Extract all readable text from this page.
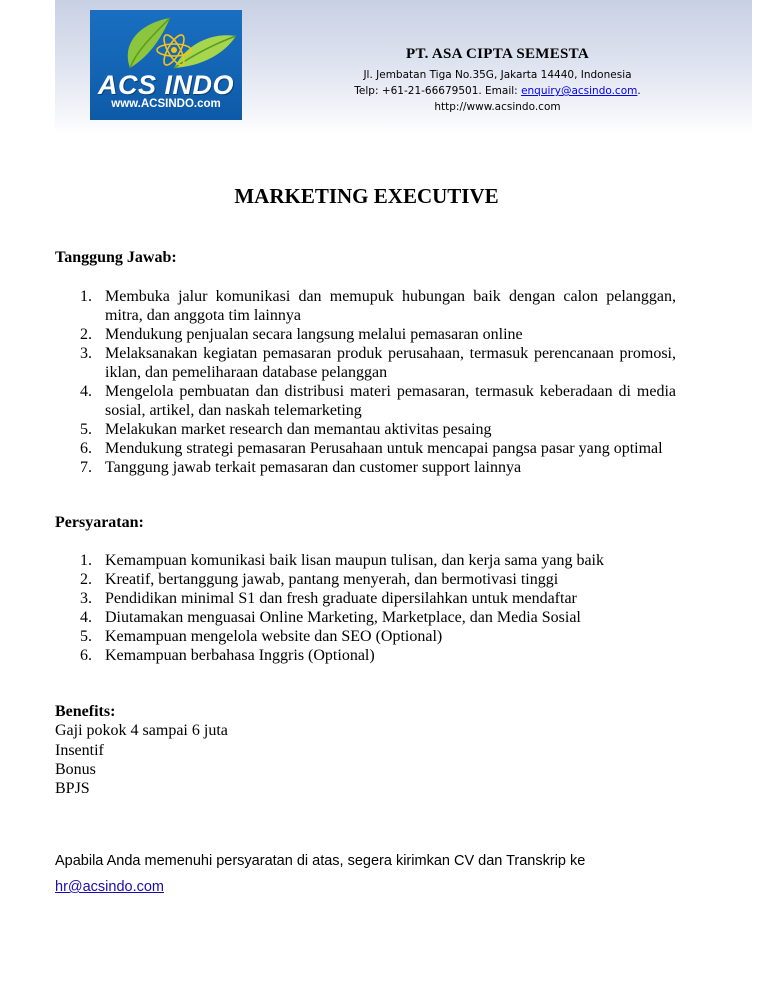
ACS INDO
www.ACSINDO.com
PT. ASA CIPTA SEMESTA
Jl. Jembatan Tiga No.35G, Jakarta 14440, Indonesia
Telp: +61-21-66679501. Email: enquiry@acsindo.com.
http://www.acsindo.com
MARKETING EXECUTIVE
Tanggung Jawab:
1. Membuka jalur komunikasi dan memupuk hubungan baik dengan calon pelanggan, mitra, dan anggota tim lainnya
2. Mendukung penjualan secara langsung melalui pemasaran online
3. Melaksanakan kegiatan pemasaran produk perusahaan, termasuk perencanaan promosi, iklan, dan pemeliharaan database pelanggan
4. Mengelola pembuatan dan distribusi materi pemasaran, termasuk keberadaan di media sosial, artikel, dan naskah telemarketing
5. Melakukan market research dan memantau aktivitas pesaing
6. Mendukung strategi pemasaran Perusahaan untuk mencapai pangsa pasar yang optimal
7. Tanggung jawab terkait pemasaran dan customer support lainnya
Persyaratan:
1. Kemampuan komunikasi baik lisan maupun tulisan, dan kerja sama yang baik
2. Kreatif, bertanggung jawab, pantang menyerah, dan bermotivasi tinggi
3. Pendidikan minimal S1 dan fresh graduate dipersilahkan untuk mendaftar
4. Diutamakan menguasai Online Marketing, Marketplace, dan Media Sosial
5. Kemampuan mengelola website dan SEO (Optional)
6. Kemampuan berbahasa Inggris (Optional)
Benefits:
Gaji pokok 4 sampai 6 juta
Insentif
Bonus
BPJS
Apabila Anda memenuhi persyaratan di atas, segera kirimkan CV dan Transkrip ke
hr@acsindo.com
